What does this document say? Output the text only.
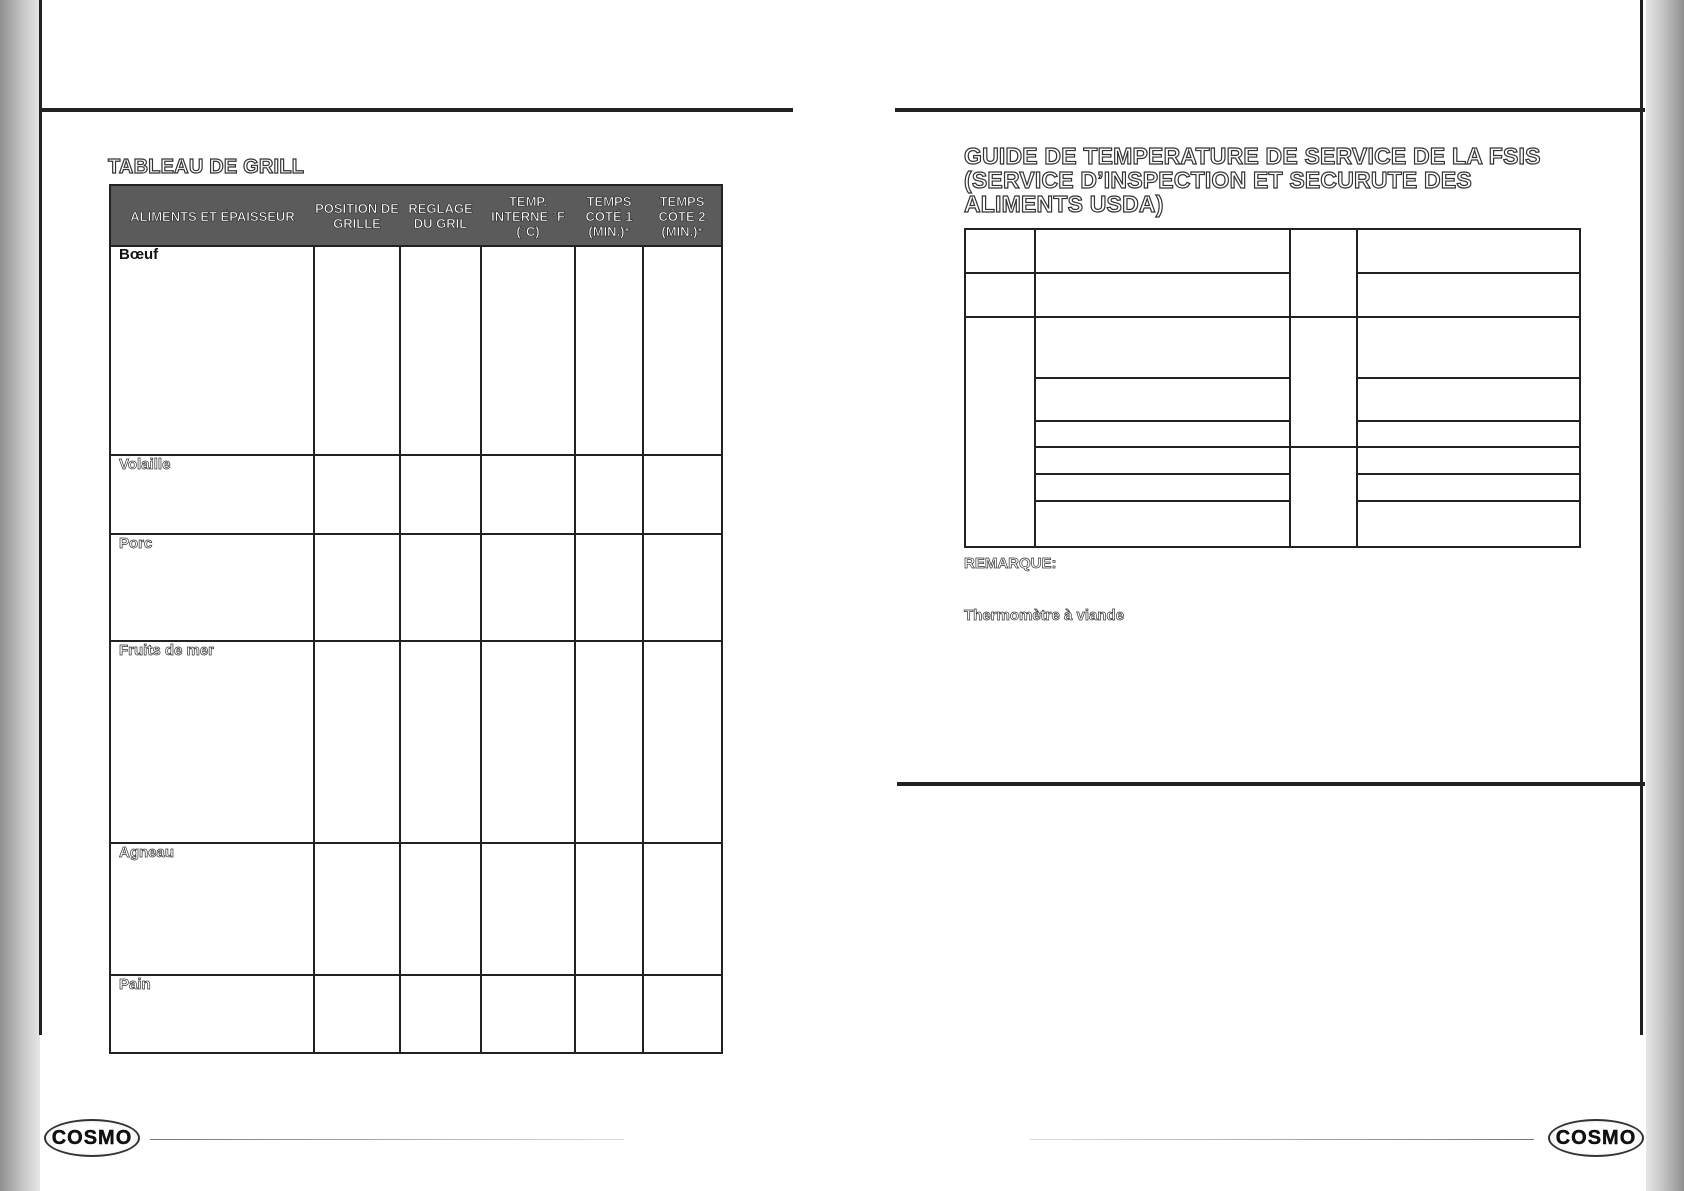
TABLEAU DE GRILL
ALIMENTS ET ÉPAISSEUR	POSITION DE GRILLE
REGLAGE DU GRIL
TEMP. INTERNE °F (°C)
TEMPS CÔTÉ 1 (MIN.)*
TEMPS CÔTÉ 2 (MIN.)*
Bœuf
Volaille
Porc
Fruits de mer
Agneau
Pain
GUIDE DE TEMPERATURE DE SERVICE DE LA FSIS (SERVICE D’INSPECTION ET SECURUTE DES ALIMENTS USDA)
REMARQUE:
Thermomètre à viande
COSMO	COSMO
